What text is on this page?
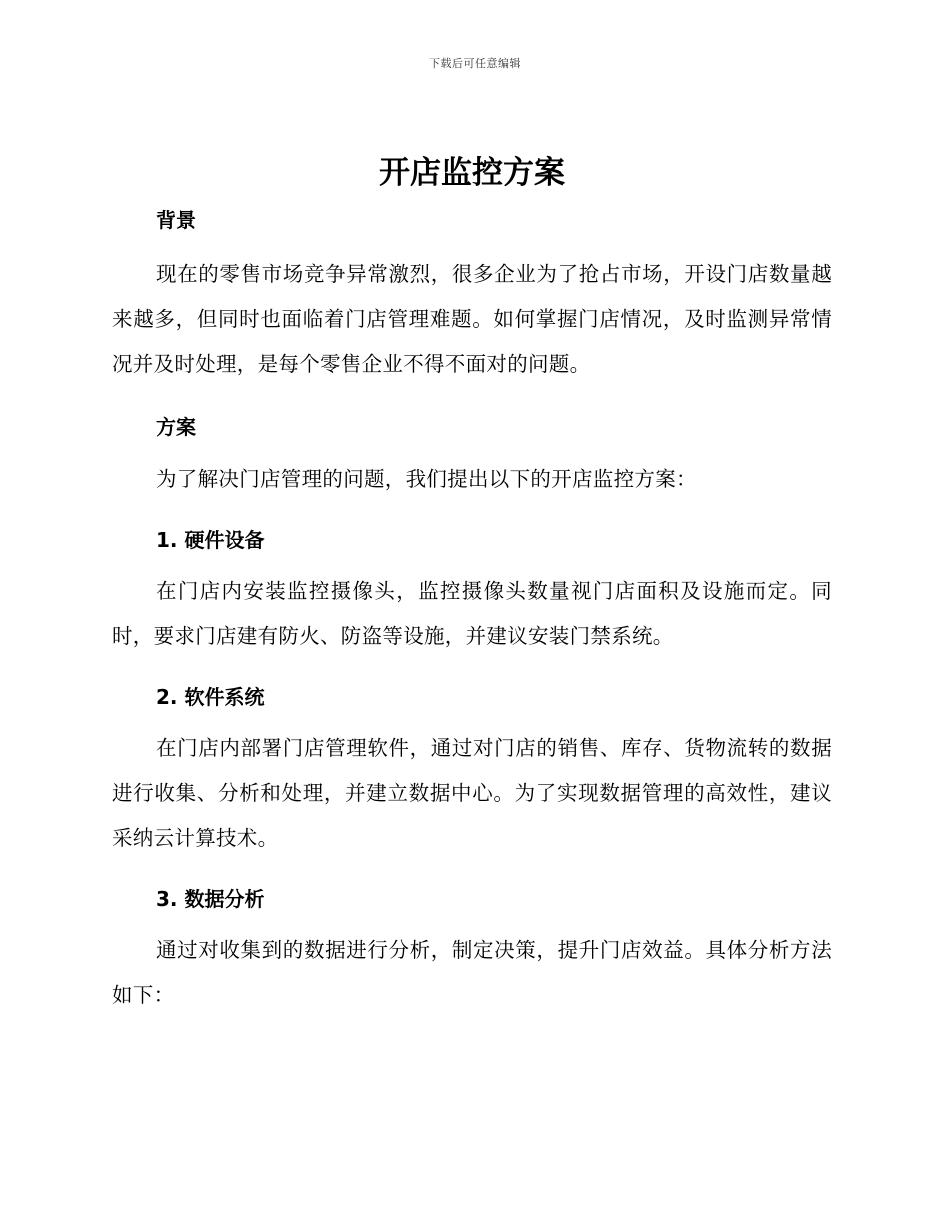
下载后可任意编辑
开店监控方案
背景

现在的零售市场竞争异常激烈，很多企业为了抢占市场，开设门店数量越来越多，但同时也面临着门店管理难题。如何掌握门店情况，及时监测异常情况并及时处理，是每个零售企业不得不面对的问题。

方案

为了解决门店管理的问题，我们提出以下的开店监控方案：

1. 硬件设备

在门店内安装监控摄像头，监控摄像头数量视门店面积及设施而定。同时，要求门店建有防火、防盗等设施，并建议安装门禁系统。

2. 软件系统

在门店内部署门店管理软件，通过对门店的销售、库存、货物流转的数据进行收集、分析和处理，并建立数据中心。为了实现数据管理的高效性，建议采纳云计算技术。

3. 数据分析

通过对收集到的数据进行分析，制定决策，提升门店效益。具体分析方法如下：
